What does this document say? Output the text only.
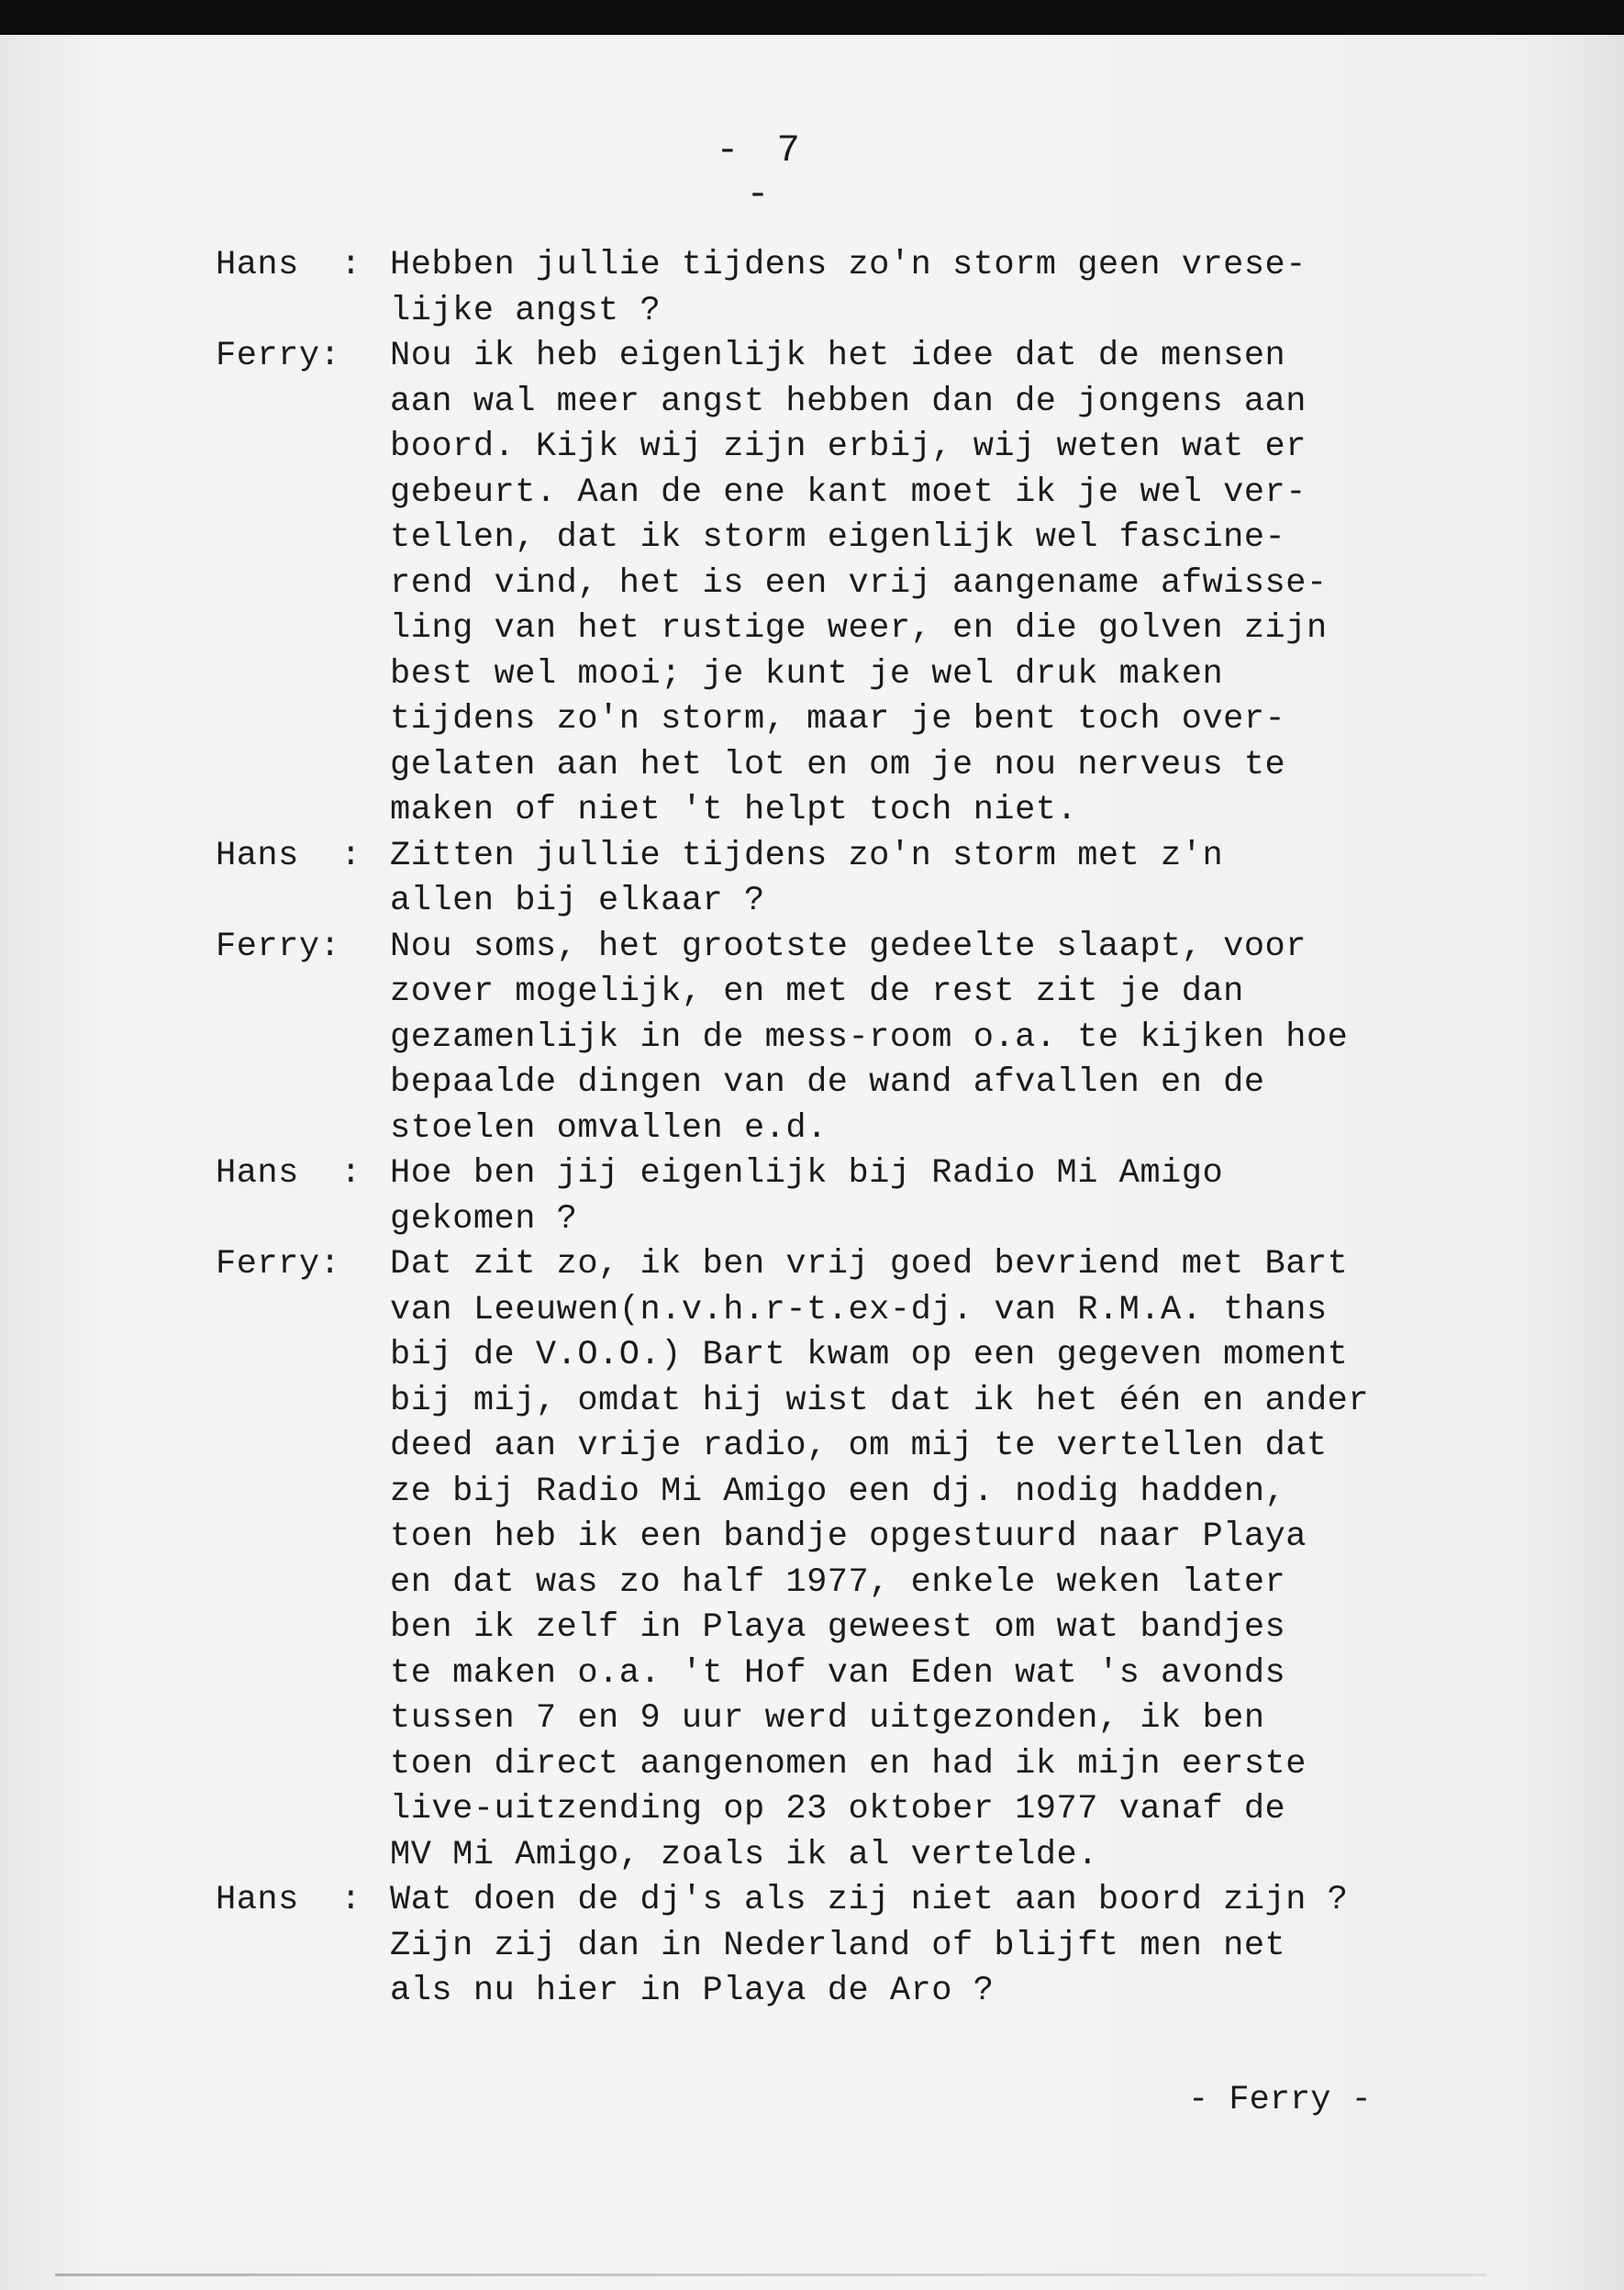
- 7 -
Hans  : Hebben jullie tijdens zo'n storm geen vrese-
lijke angst ?
Ferry: Nou ik heb eigenlijk het idee dat de mensen
aan wal meer angst hebben dan de jongens aan
boord. Kijk wij zijn erbij, wij weten wat er
gebeurt. Aan de ene kant moet ik je wel ver-
tellen, dat ik storm eigenlijk wel fascine-
rend vind, het is een vrij aangename afwisse-
ling van het rustige weer, en die golven zijn
best wel mooi; je kunt je wel druk maken
tijdens zo'n storm, maar je bent toch over-
gelaten aan het lot en om je nou nerveus te
maken of niet 't helpt toch niet.
Hans  : Zitten jullie tijdens zo'n storm met z'n
allen bij elkaar ?
Ferry: Nou soms, het grootste gedeelte slaapt, voor
zover mogelijk, en met de rest zit je dan
gezamenlijk in de mess-room o.a. te kijken hoe
bepaalde dingen van de wand afvallen en de
stoelen omvallen e.d.
Hans  : Hoe ben jij eigenlijk bij Radio Mi Amigo
gekomen ?
Ferry: Dat zit zo, ik ben vrij goed bevriend met Bart
van Leeuwen(n.v.h.r-t.ex-dj. van R.M.A. thans
bij de V.O.O.) Bart kwam op een gegeven moment
bij mij, omdat hij wist dat ik het één en ander
deed aan vrije radio, om mij te vertellen dat
ze bij Radio Mi Amigo een dj. nodig hadden,
toen heb ik een bandje opgestuurd naar Playa
en dat was zo half 1977, enkele weken later
ben ik zelf in Playa geweest om wat bandjes
te maken o.a. 't Hof van Eden wat 's avonds
tussen 7 en 9 uur werd uitgezonden, ik ben
toen direct aangenomen en had ik mijn eerste
live-uitzending op 23 oktober 1977 vanaf de
MV Mi Amigo, zoals ik al vertelde.
Hans  : Wat doen de dj's als zij niet aan boord zijn ?
Zijn zij dan in Nederland of blijft men net
als nu hier in Playa de Aro ?
- Ferry -
